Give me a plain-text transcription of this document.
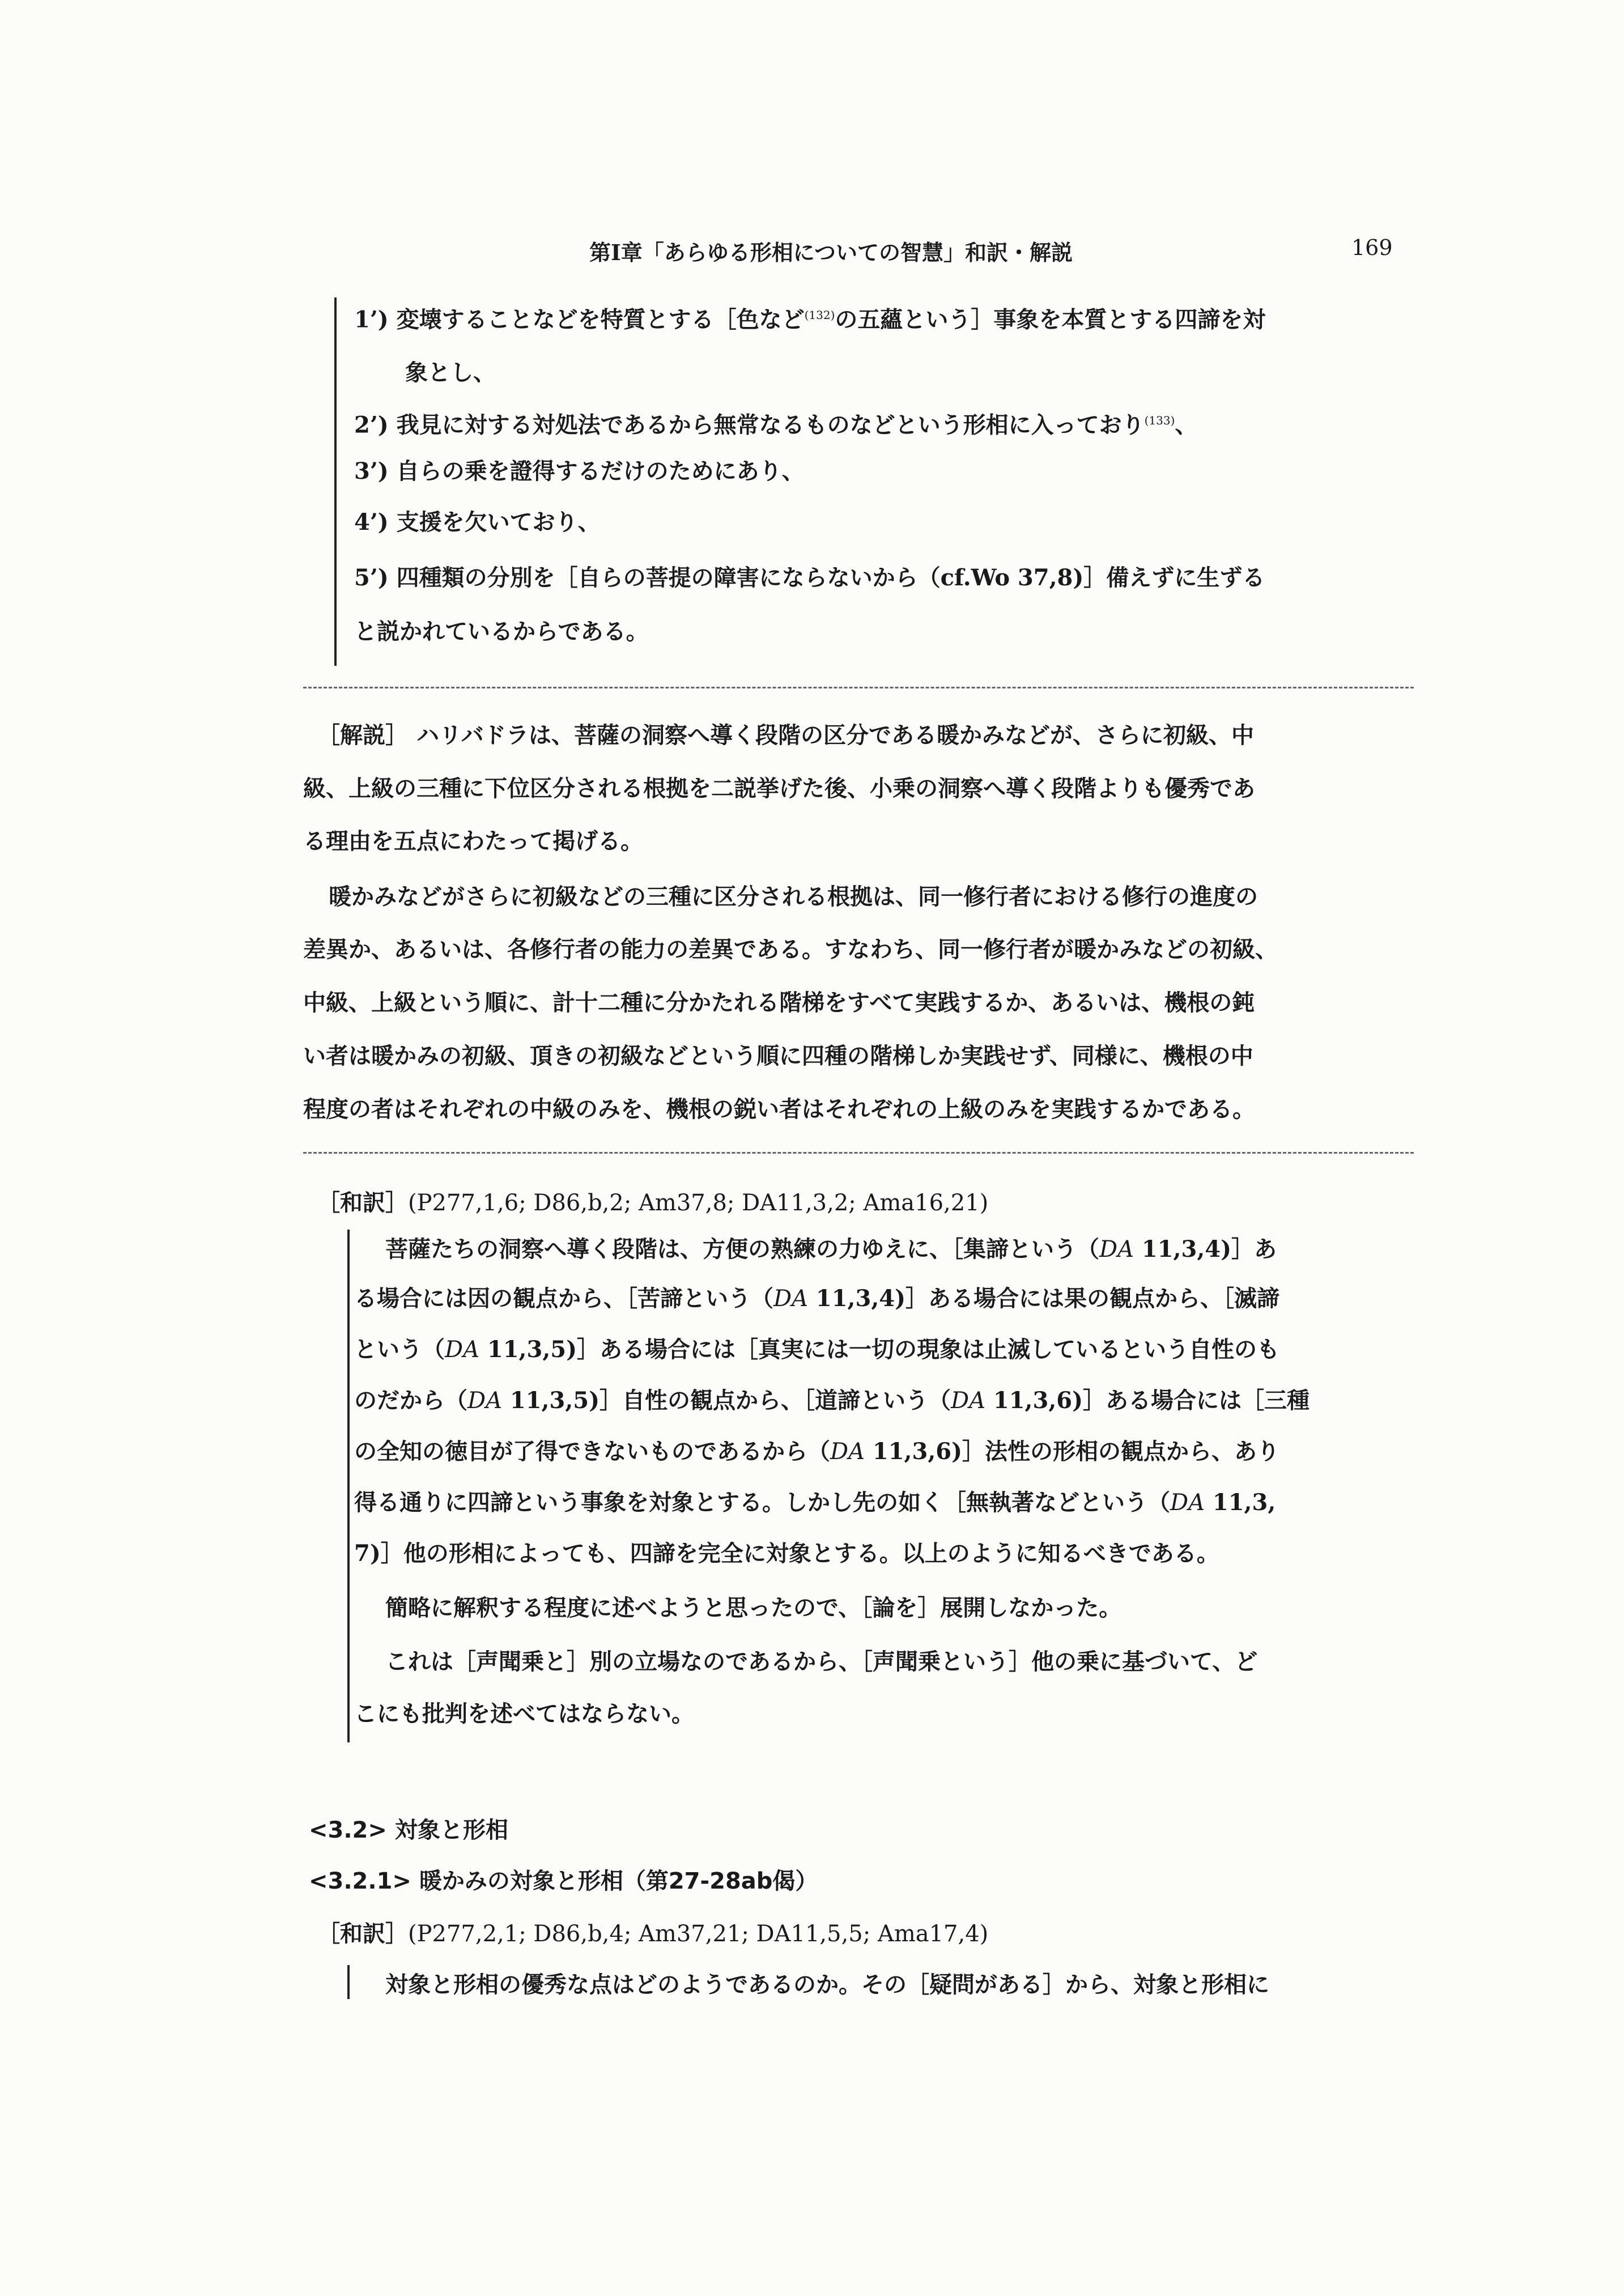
第I章「あらゆる形相についての智慧」和訳・解説	169
1’) 変壊することなどを特質とする［色など$^{(132)}$の五蘊という］事象を本質とする四諦を対
象とし、
2’) 我見に対する対処法であるから無常なるものなどという形相に入っており$^{(133)}$、
3’) 自らの乗を證得するだけのためにあり、
4’) 支援を欠いており、
5’) 四種類の分別を［自らの菩提の障害にならないから（cf.Wo 37,8)］備えずに生ずる
と説かれているからである。
［解説］ ハリバドラは、菩薩の洞察へ導く段階の区分である暖かみなどが、さらに初級、中
級、上級の三種に下位区分される根拠を二説挙げた後、小乗の洞察へ導く段階よりも優秀であ
る理由を五点にわたって掲げる。
暖かみなどがさらに初級などの三種に区分される根拠は、同一修行者における修行の進度の
差異か、あるいは、各修行者の能力の差異である。すなわち、同一修行者が暖かみなどの初級、
中級、上級という順に、計十二種に分かたれる階梯をすべて実践するか、あるいは、機根の鈍
い者は暖かみの初級、頂きの初級などという順に四種の階梯しか実践せず、同様に、機根の中
程度の者はそれぞれの中級のみを、機根の鋭い者はそれぞれの上級のみを実践するかである。
［和訳］(P277,1,6; D86,b,2; Am37,8; DA11,3,2; Ama16,21)
菩薩たちの洞察へ導く段階は、方便の熟練の力ゆえに、［集諦という（DA 11,3,4)］あ
る場合には因の観点から、［苦諦という（DA 11,3,4)］ある場合には果の観点から、［滅諦
という（DA 11,3,5)］ある場合には［真実には一切の現象は止滅しているという自性のも
のだから（DA 11,3,5)］自性の観点から、［道諦という（DA 11,3,6)］ある場合には［三種
の全知の徳目が了得できないものであるから（DA 11,3,6)］法性の形相の観点から、あり
得る通りに四諦という事象を対象とする。しかし先の如く［無執著などという（DA 11,3,
7)］他の形相によっても、四諦を完全に対象とする。以上のように知るべきである。
簡略に解釈する程度に述べようと思ったので、［論を］展開しなかった。
これは［声聞乗と］別の立場なのであるから、［声聞乗という］他の乗に基づいて、ど
こにも批判を述べてはならない。
<3.2> 対象と形相
<3.2.1> 暖かみの対象と形相（第27-28ab偈）
［和訳］(P277,2,1; D86,b,4; Am37,21; DA11,5,5; Ama17,4)
対象と形相の優秀な点はどのようであるのか。その［疑問がある］から、対象と形相に
